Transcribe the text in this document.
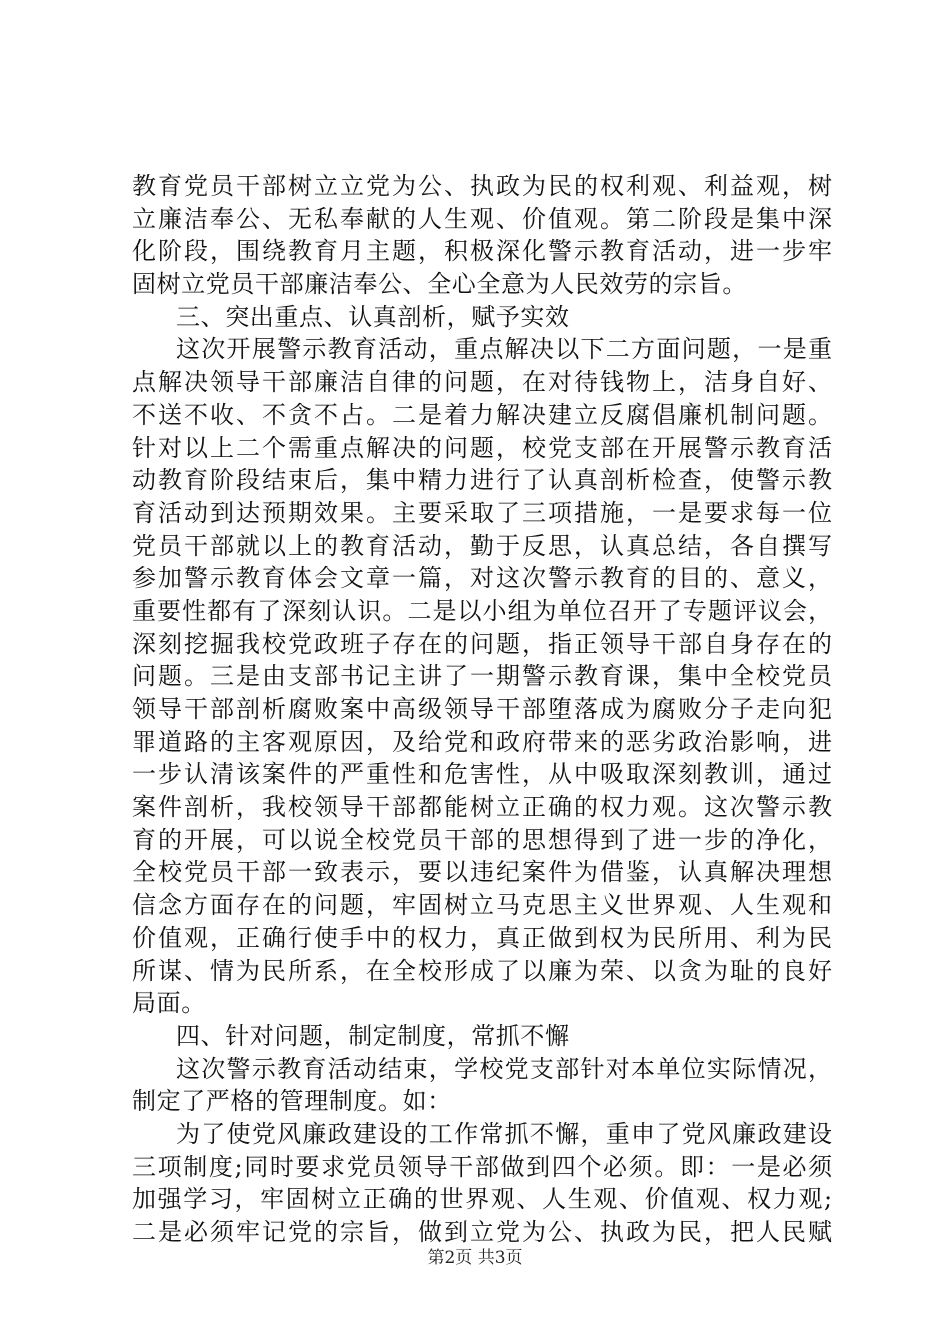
教育党员干部树立立党为公、执政为民的权利观、利益观，树
立廉洁奉公、无私奉献的人生观、价值观。第二阶段是集中深
化阶段，围绕教育月主题，积极深化警示教育活动，进一步牢
固树立党员干部廉洁奉公、全心全意为人民效劳的宗旨。
三、突出重点、认真剖析，赋予实效
这次开展警示教育活动，重点解决以下二方面问题，一是重
点解决领导干部廉洁自律的问题，在对待钱物上，洁身自好、
不送不收、不贪不占。二是着力解决建立反腐倡廉机制问题。
针对以上二个需重点解决的问题，校党支部在开展警示教育活
动教育阶段结束后，集中精力进行了认真剖析检查，使警示教
育活动到达预期效果。主要采取了三项措施，一是要求每一位
党员干部就以上的教育活动，勤于反思，认真总结，各自撰写
参加警示教育体会文章一篇，对这次警示教育的目的、意义，
重要性都有了深刻认识。二是以小组为单位召开了专题评议会，
深刻挖掘我校党政班子存在的问题，指正领导干部自身存在的
问题。三是由支部书记主讲了一期警示教育课，集中全校党员
领导干部剖析腐败案中高级领导干部堕落成为腐败分子走向犯
罪道路的主客观原因，及给党和政府带来的恶劣政治影响，进
一步认清该案件的严重性和危害性，从中吸取深刻教训，通过
案件剖析，我校领导干部都能树立正确的权力观。这次警示教
育的开展，可以说全校党员干部的思想得到了进一步的净化，
全校党员干部一致表示，要以违纪案件为借鉴，认真解决理想
信念方面存在的问题，牢固树立马克思主义世界观、人生观和
价值观，正确行使手中的权力，真正做到权为民所用、利为民
所谋、情为民所系，在全校形成了以廉为荣、以贪为耻的良好
局面。
四、针对问题，制定制度，常抓不懈
这次警示教育活动结束，学校党支部针对本单位实际情况，
制定了严格的管理制度。如：
为了使党风廉政建设的工作常抓不懈，重申了党风廉政建设
三项制度;同时要求党员领导干部做到四个必须。即：一是必须
加强学习，牢固树立正确的世界观、人生观、价值观、权力观;
二是必须牢记党的宗旨，做到立党为公、执政为民，把人民赋
第2页 共3页
